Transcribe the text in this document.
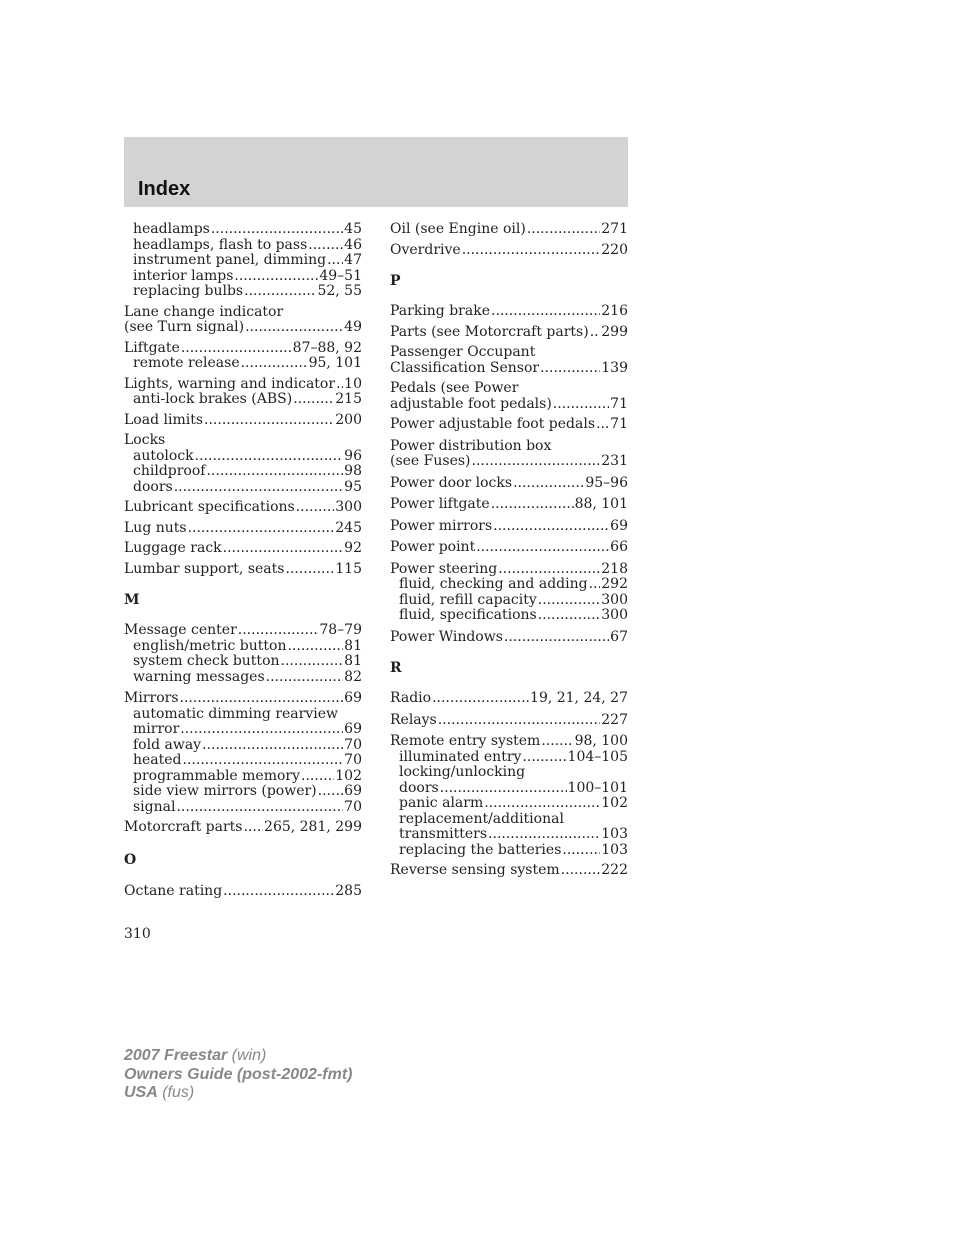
Index
headlamps .....	45
headlamps, flash to pass .....	46
instrument panel, dimming ..... 47
interior lamps .....	49–51
replacing bulbs .....	52, 55
Lane change indicator
(see Turn signal) .....	49
Liftgate .....	87–88, 92
remote release .....	95, 101
Lights, warning and indicator ..... 10
anti-lock brakes (ABS) .....	215
Load limits .....	200
Locks
autolock .....	96
childproof .....	98
doors .....	95
Lubricant specifications .....	300
Lug nuts .....	245
Luggage rack .....	92
Lumbar support, seats .....	115
M
Message center .....	78–79
english/metric button .....	81
system check button .....	81
warning messages .....	82
Mirrors .....	69
automatic dimming rearview
mirror .....	69
fold away .....	70
heated .....	70
programmable memory .....	102
side view mirrors (power) ..... 69
signal .....	70
Motorcraft parts ..... 265, 281, 299
O
Octane rating .....	285
Oil (see Engine oil) .....	271
Overdrive .....	220
P
Parking brake .....	216
Parts (see Motorcraft parts) ..... 299
Passenger Occupant
Classification Sensor .....	139
Pedals (see Power
adjustable foot pedals) .....	71
Power adjustable foot pedals ..... 71
Power distribution box
(see Fuses) .....	231
Power door locks .....	95–96
Power liftgate .....	88, 101
Power mirrors .....	69
Power point .....	66
Power steering .....	218
fluid, checking and adding ..... 292
fluid, refill capacity .....	300
fluid, specifications .....	300
Power Windows .....	67
R
Radio .....	19, 21, 24, 27
Relays .....	227
Remote entry system ..... 98, 100
illuminated entry .....	104–105
locking/unlocking
doors .....	100–101
panic alarm .....	102
replacement/additional
transmitters .....	103
replacing the batteries .....	103
Reverse sensing system .....	222
310
2007 Freestar (win)
Owners Guide (post-2002-fmt)
USA (fus)
